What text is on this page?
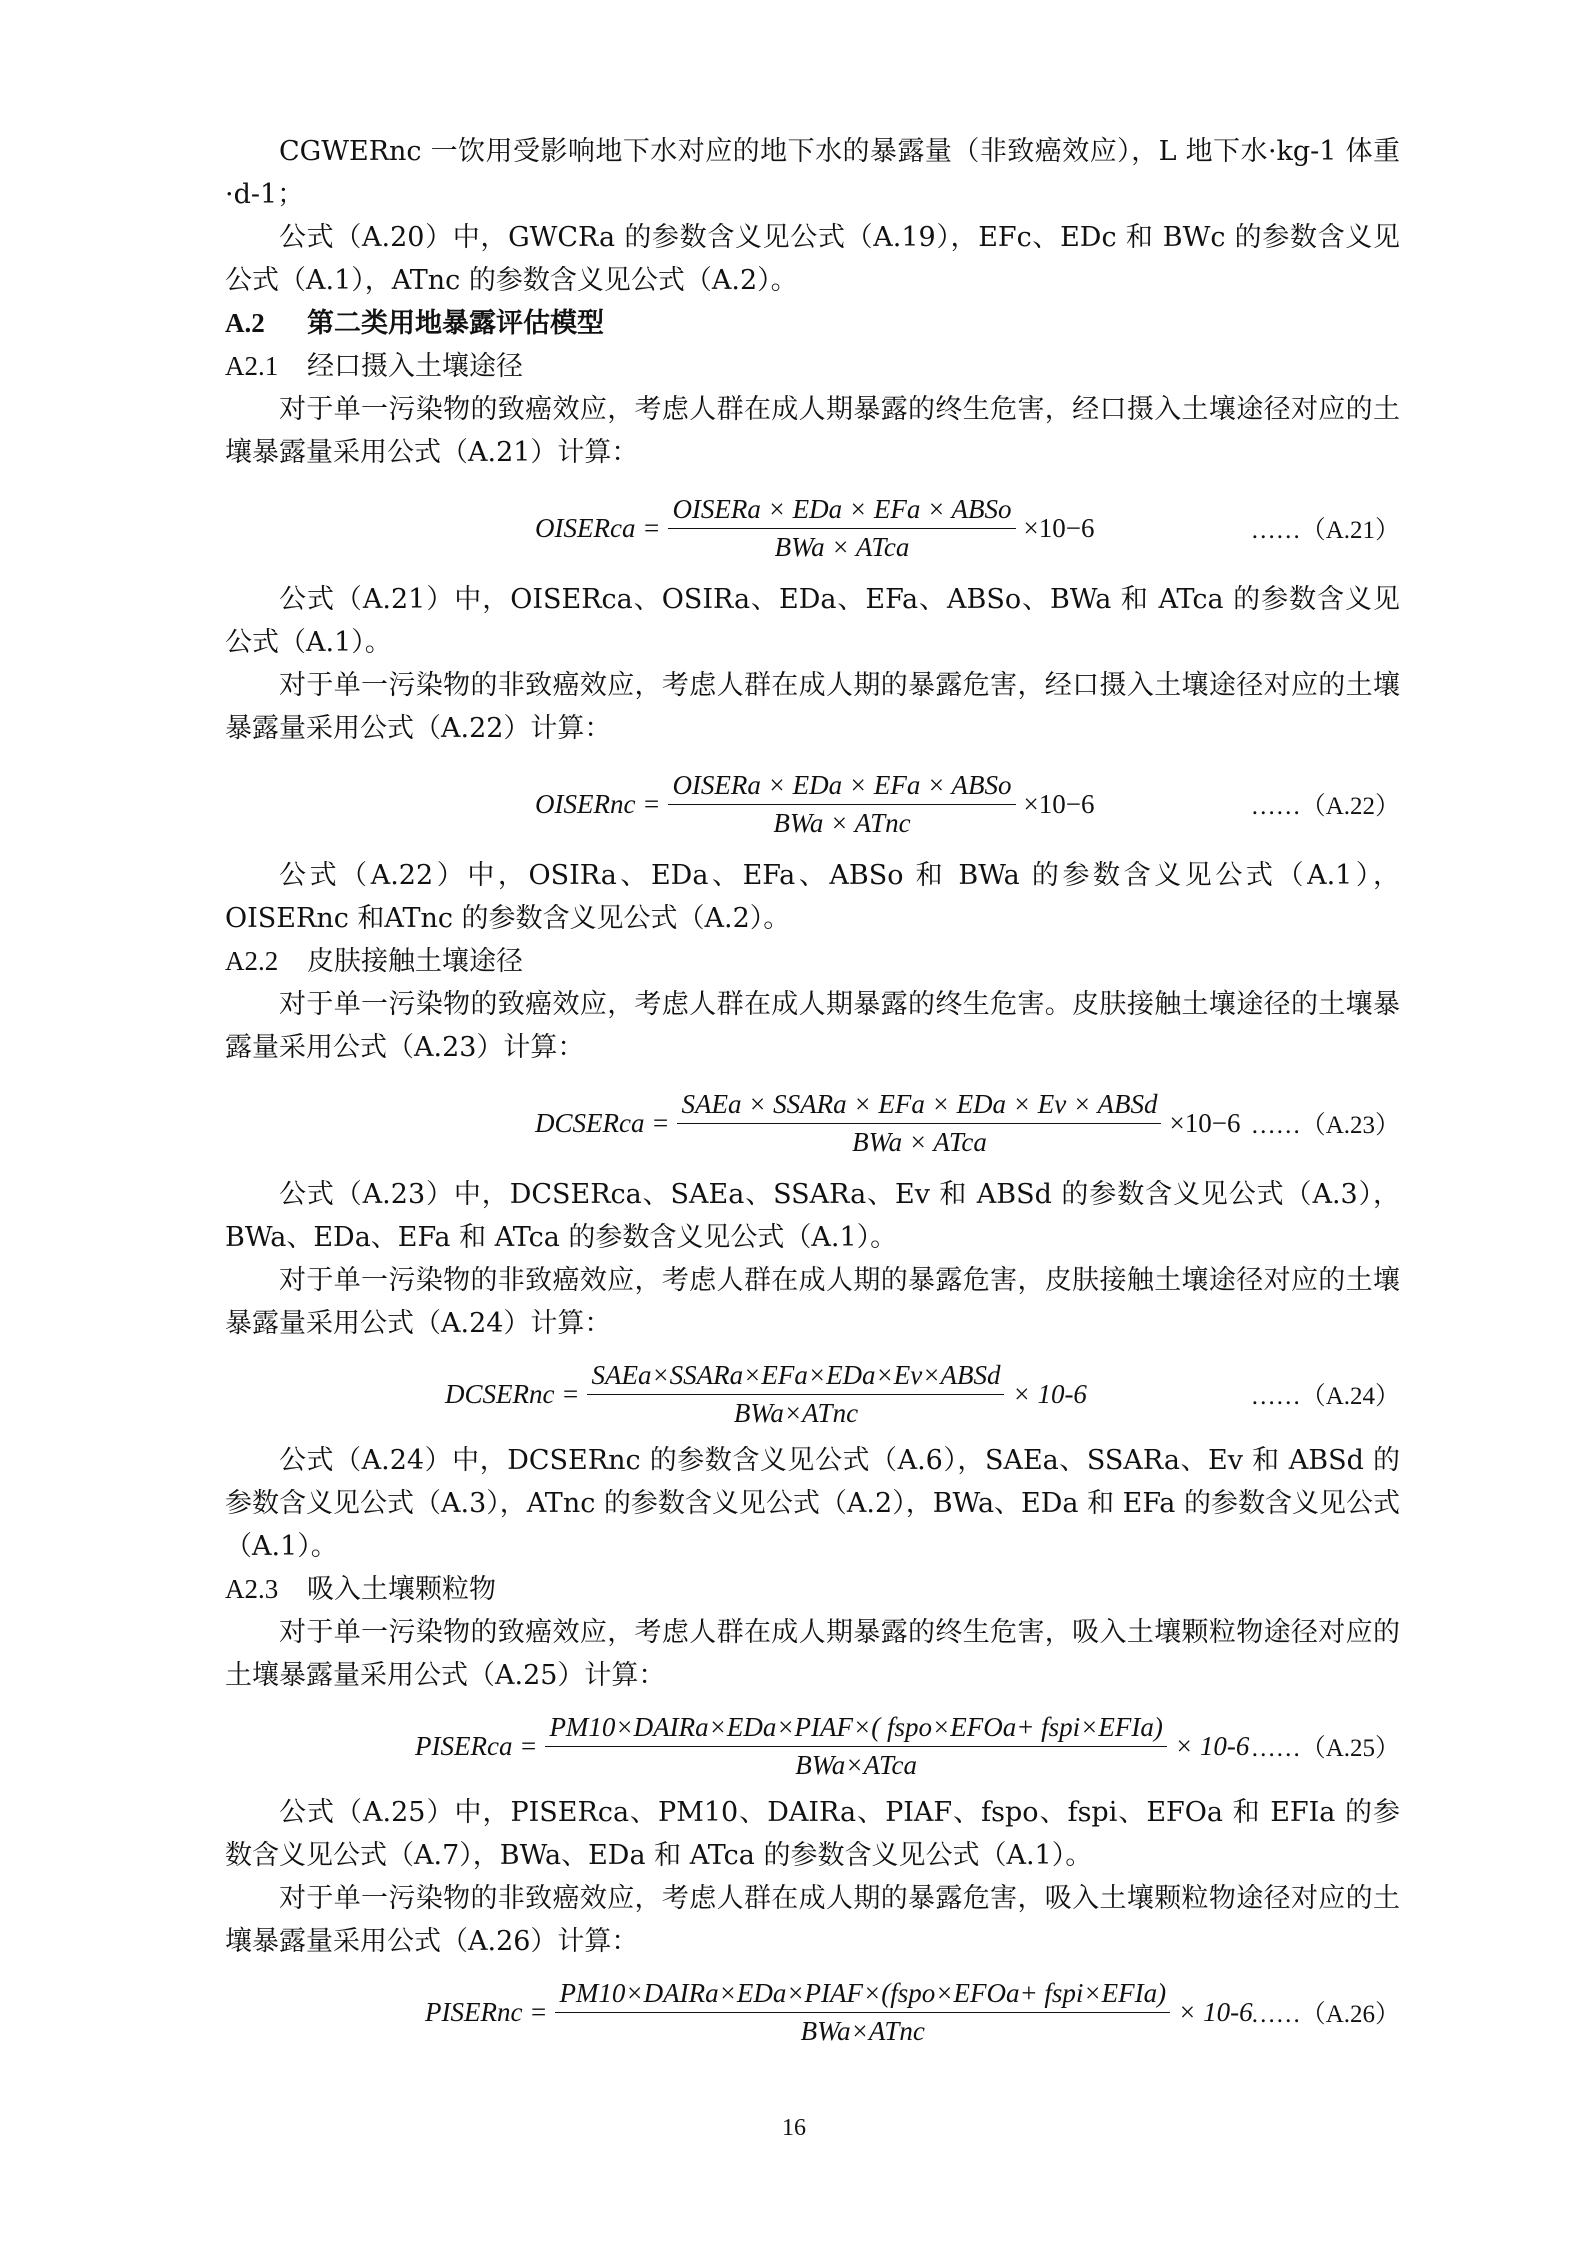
CGWERnc 一饮用受影响地下水对应的地下水的暴露量（非致癌效应），L 地下水·kg-1 体重·d-1；

公式（A.20）中，GWCRa 的参数含义见公式（A.19），EFc、EDc 和 BWc 的参数含义见公式（A.1），ATnc 的参数含义见公式（A.2）。

A.2 第二类用地暴露评估模型
A2.1 经口摄入土壤途径

对于单一污染物的致癌效应，考虑人群在成人期暴露的终生危害，经口摄入土壤途径对应的土壤暴露量采用公式（A.21）计算：

OISERca = $\frac{\text{OISERa × EDa × EFa × ABSo}}{\text{BWa × ATca}} \times 10-6$	……（A.21）

公式（A.21）中，OISERca、OSIRa、EDa、EFa、ABSo、BWa 和 ATca 的参数含义见公式（A.1）。

对于单一污染物的非致癌效应，考虑人群在成人期的暴露危害，经口摄入土壤途径对应的土壤暴露量采用公式（A.22）计算：

OISERnc = $\frac{\text{OISERa × EDa × EFa × ABSo}}{\text{BWa × ATnc}} \times 10-6$	……（A.22）

公式（A.22）中，OSIRa、EDa、EFa、ABSo 和 BWa 的参数含义见公式（A.1），OISERnc 和ATnc 的参数含义见公式（A.2）。

A2.2 皮肤接触土壤途径

对于单一污染物的致癌效应，考虑人群在成人期暴露的终生危害。皮肤接触土壤途径的土壤暴露量采用公式（A.23）计算：

DCSERca = $\frac{\text{SAEa × SSARa × EFa × EDa × Ev × ABSd}}{\text{BWa × ATca}} \times 10-6$ ……（A.23）

公式（A.23）中，DCSERca、SAEa、SSARa、Ev 和 ABSd 的参数含义见公式（A.3），BWa、EDa、EFa 和 ATca 的参数含义见公式（A.1）。

对于单一污染物的非致癌效应，考虑人群在成人期的暴露危害，皮肤接触土壤途径对应的土壤暴露量采用公式（A.24）计算：

DCSERnc = $\frac{\text{SAEa×SSARa×EFa×EDa×Ev×ABSd}}{\text{BWa×ATnc}} \times 10-6$	……（A.24）

公式（A.24）中，DCSERnc 的参数含义见公式（A.6），SAEa、SSARa、Ev 和 ABSd 的参数含义见公式（A.3），ATnc 的参数含义见公式（A.2），BWa、EDa 和 EFa 的参数含义见公式（A.1）。

A2.3 吸入土壤颗粒物

对于单一污染物的致癌效应，考虑人群在成人期暴露的终生危害，吸入土壤颗粒物途径对应的土壤暴露量采用公式（A.25）计算：

PISERca = $\frac{\text{PM10×DAIRa×EDa×PIAF×( fspo×EFOa+ fspi×EFIa)}}{\text{BWa×ATca}} \times 10-6$ ……（A.25）

公式（A.25）中，PISERca、PM10、DAIRa、PIAF、fspo、fspi、EFOa 和 EFIa 的参数含义见公式（A.7），BWa、EDa 和 ATca 的参数含义见公式（A.1）。

对于单一污染物的非致癌效应，考虑人群在成人期的暴露危害，吸入土壤颗粒物途径对应的土壤暴露量采用公式（A.26）计算：

PISERnc = $\frac{\text{PM10×DAIRa×EDa×PIAF×(fspo×EFOa+ fspi×EFIa)}}{\text{BWa×ATnc}} \times 10-6$
……（A.26）
16
